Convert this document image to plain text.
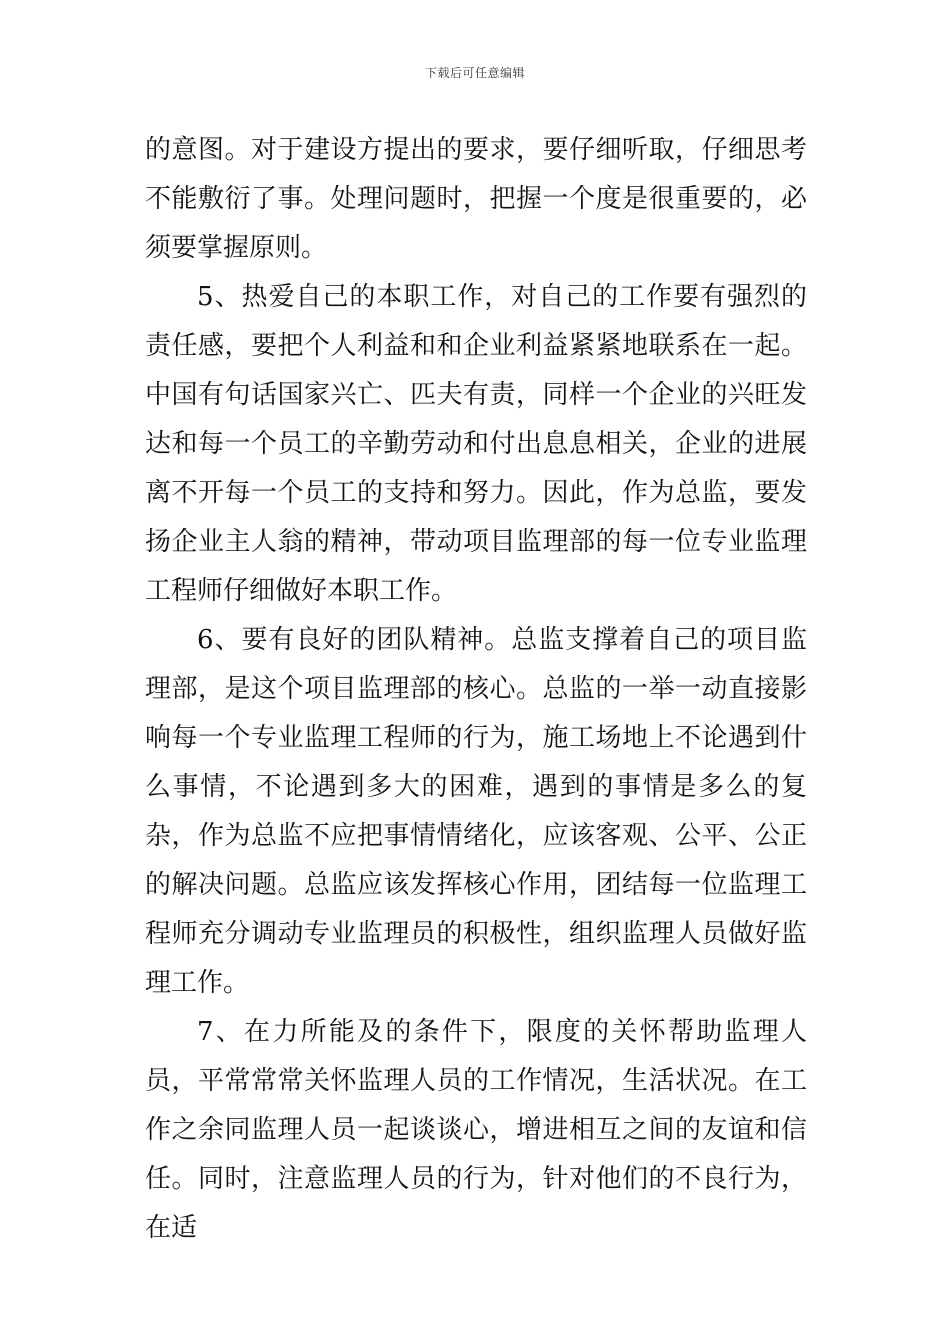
下载后可任意编辑

的意图。对于建设方提出的要求，要仔细听取，仔细思考不能敷衍了事。处理问题时，把握一个度是很重要的，必须要掌握原则。

5、热爱自己的本职工作，对自己的工作要有强烈的责任感，要把个人利益和和企业利益紧紧地联系在一起。中国有句话国家兴亡、匹夫有责，同样一个企业的兴旺发达和每一个员工的辛勤劳动和付出息息相关，企业的进展离不开每一个员工的支持和努力。因此，作为总监，要发扬企业主人翁的精神，带动项目监理部的每一位专业监理工程师仔细做好本职工作。

6、要有良好的团队精神。总监支撑着自己的项目监理部，是这个项目监理部的核心。总监的一举一动直接影响每一个专业监理工程师的行为，施工场地上不论遇到什么事情，不论遇到多大的困难，遇到的事情是多么的复杂，作为总监不应把事情情绪化，应该客观、公平、公正的解决问题。总监应该发挥核心作用，团结每一位监理工程师充分调动专业监理员的积极性，组织监理人员做好监理工作。

7、在力所能及的条件下，限度的关怀帮助监理人员，平常常常关怀监理人员的工作情况，生活状况。在工作之余同监理人员一起谈谈心，增进相互之间的友谊和信任。同时，注意监理人员的行为，针对他们的不良行为，在适
